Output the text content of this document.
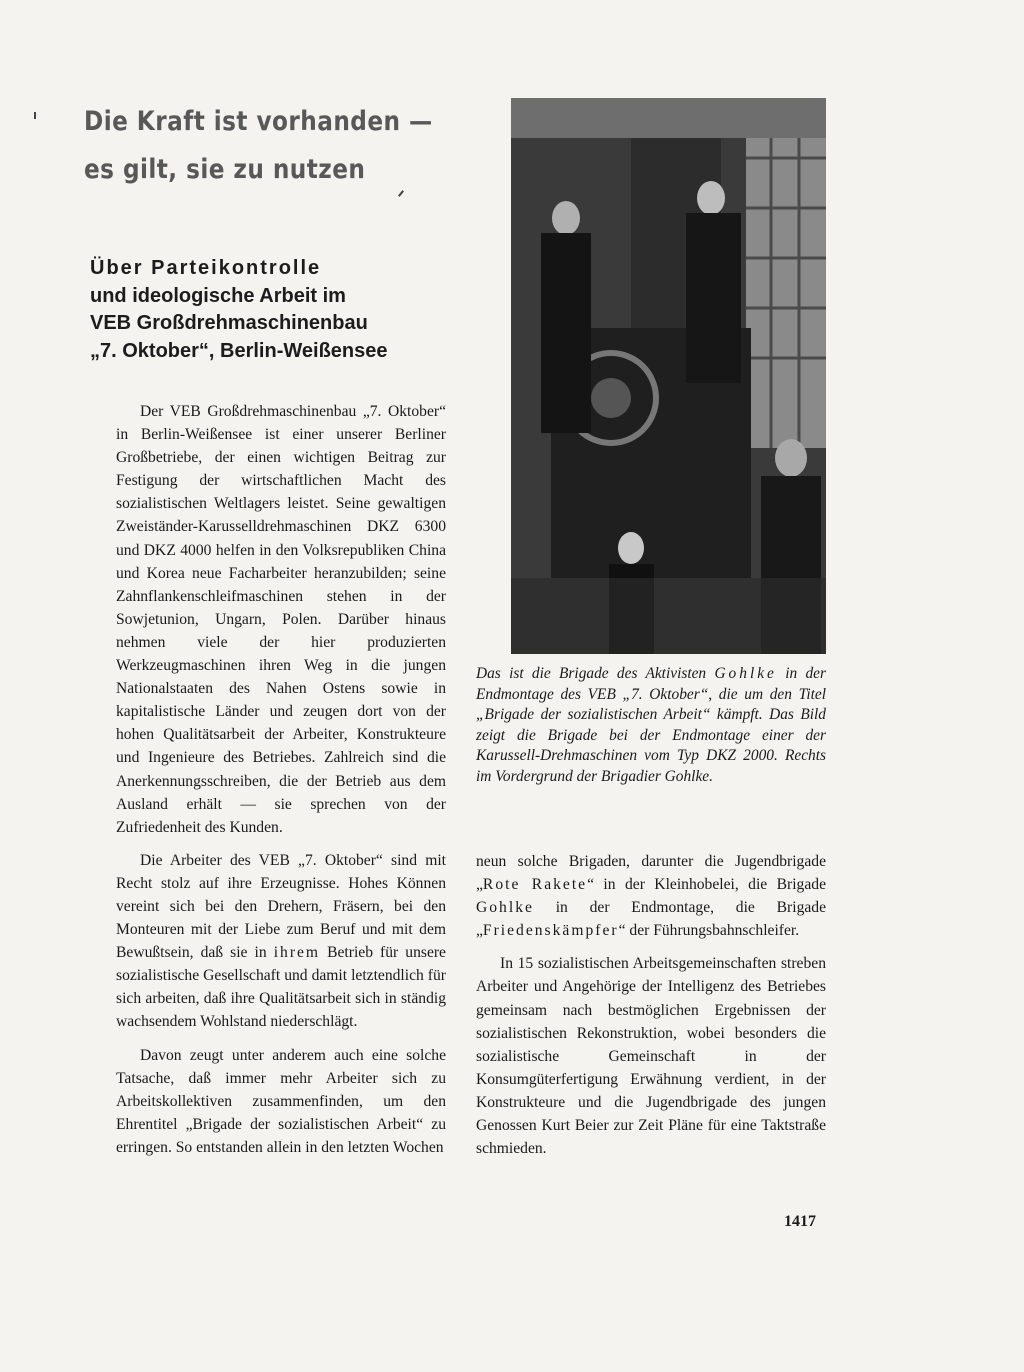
Die Kraft ist vorhanden —
es gilt, sie zu nutzen
Über Parteikontrolle
und ideologische Arbeit im
VEB Großdrehmaschinenbau
„7. Oktober“, Berlin-Weißensee

Der VEB Großdrehmaschinenbau „7. Oktober“ in Berlin-Weißensee ist einer unserer Berliner Großbetriebe, der einen wichtigen Beitrag zur Festigung der wirtschaftlichen Macht des sozialistischen Weltlagers leistet. Seine gewaltigen Zweiständer-Karusselldrehmaschinen DKZ 6300 und DKZ 4000 helfen in den Volksrepubliken China und Korea neue Facharbeiter heranzubilden; seine Zahnflankenschleifmaschinen stehen in der Sowjetunion, Ungarn, Polen. Darüber hinaus nehmen viele der hier produzierten Werkzeugmaschinen ihren Weg in die jungen Nationalstaaten des Nahen Ostens sowie in kapitalistische Länder und zeugen dort von der hohen Qualitätsarbeit der Arbeiter, Konstrukteure und Ingenieure des Betriebes. Zahlreich sind die Anerkennungsschreiben, die der Betrieb aus dem Ausland erhält — sie sprechen von der Zufriedenheit des Kunden.

Die Arbeiter des VEB „7. Oktober“ sind mit Recht stolz auf ihre Erzeugnisse. Hohes Können vereint sich bei den Drehern, Fräsern, bei den Monteuren mit der Liebe zum Beruf und mit dem Bewußtsein, daß sie in ihrem Betrieb für unsere sozialistische Gesellschaft und damit letztendlich für sich arbeiten, daß ihre Qualitätsarbeit sich in ständig wachsendem Wohlstand niederschlägt.

Davon zeugt unter anderem auch eine solche Tatsache, daß immer mehr Arbeiter sich zu Arbeitskollektiven zusammenfinden, um den Ehrentitel „Brigade der sozialistischen Arbeit“ zu erringen. So entstanden allein in den letzten Wochen

Das ist die Brigade des Aktivisten Gohlke in der Endmontage des VEB „7. Oktober“, die um den Titel „Brigade der sozialistischen Arbeit“ kämpft. Das Bild zeigt die Brigade bei der Endmontage einer der Karussell-Drehmaschinen vom Typ DKZ 2000. Rechts im Vordergrund der Brigadier Gohlke.

neun solche Brigaden, darunter die Jugendbrigade „Rote Rakete“ in der Kleinhobelei, die Brigade Gohlke in der Endmontage, die Brigade „Friedenskämpfer“ der Führungsbahnschleifer.

In 15 sozialistischen Arbeitsgemeinschaften streben Arbeiter und Angehörige der Intelligenz des Betriebes gemeinsam nach bestmöglichen Ergebnissen der sozialistischen Rekonstruktion, wobei besonders die sozialistische Gemeinschaft in der Konsumgüterfertigung Erwähnung verdient, in der Konstrukteure und die Jugendbrigade des jungen Genossen Kurt Beier zur Zeit Pläne für eine Taktstraße schmieden.

1417
